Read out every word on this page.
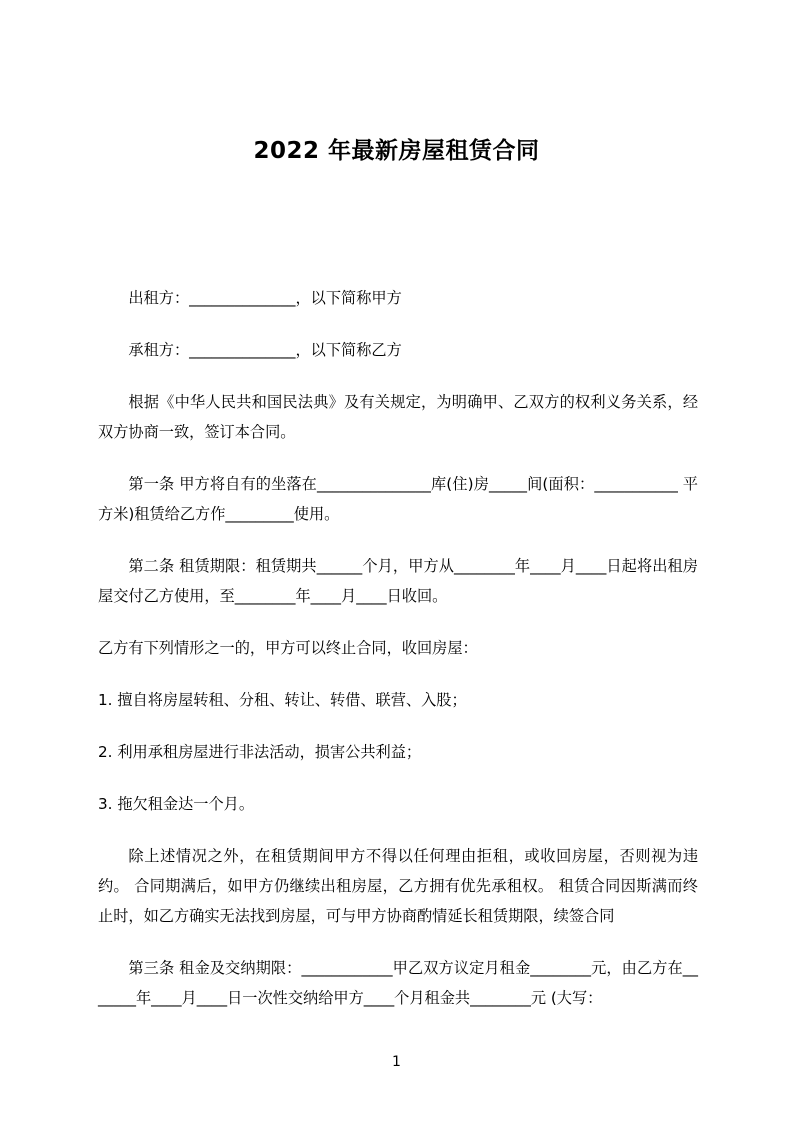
2022 年最新房屋租赁合同

出租方：______________，以下简称甲方

承租方：______________，以下简称乙方

根据《中华人民共和国民法典》及有关规定，为明确甲、乙双方的权利义务关系，经双方协商一致，签订本合同。

第一条 甲方将自有的坐落在_______________库(住)房_____间(面积：___________ 平方米)租赁给乙方作_________使用。

第二条 租赁期限：租赁期共______个月，甲方从________年____月____日起将出租房屋交付乙方使用，至________年____月____日收回。

乙方有下列情形之一的，甲方可以终止合同，收回房屋：

1. 擅自将房屋转租、分租、转让、转借、联营、入股；

2. 利用承租房屋进行非法活动，损害公共利益；

3. 拖欠租金达一个月。

除上述情况之外，在租赁期间甲方不得以任何理由拒租，或收回房屋，否则视为违约。 合同期满后，如甲方仍继续出租房屋，乙方拥有优先承租权。 租赁合同因斯满而终止时，如乙方确实无法找到房屋，可与甲方协商酌情延长租赁期限，续签合同

第三条 租金及交纳期限：____________甲乙双方议定月租金________元，由乙方在_______年____月____日一次性交纳给甲方____个月租金共________元 (大写：

1
